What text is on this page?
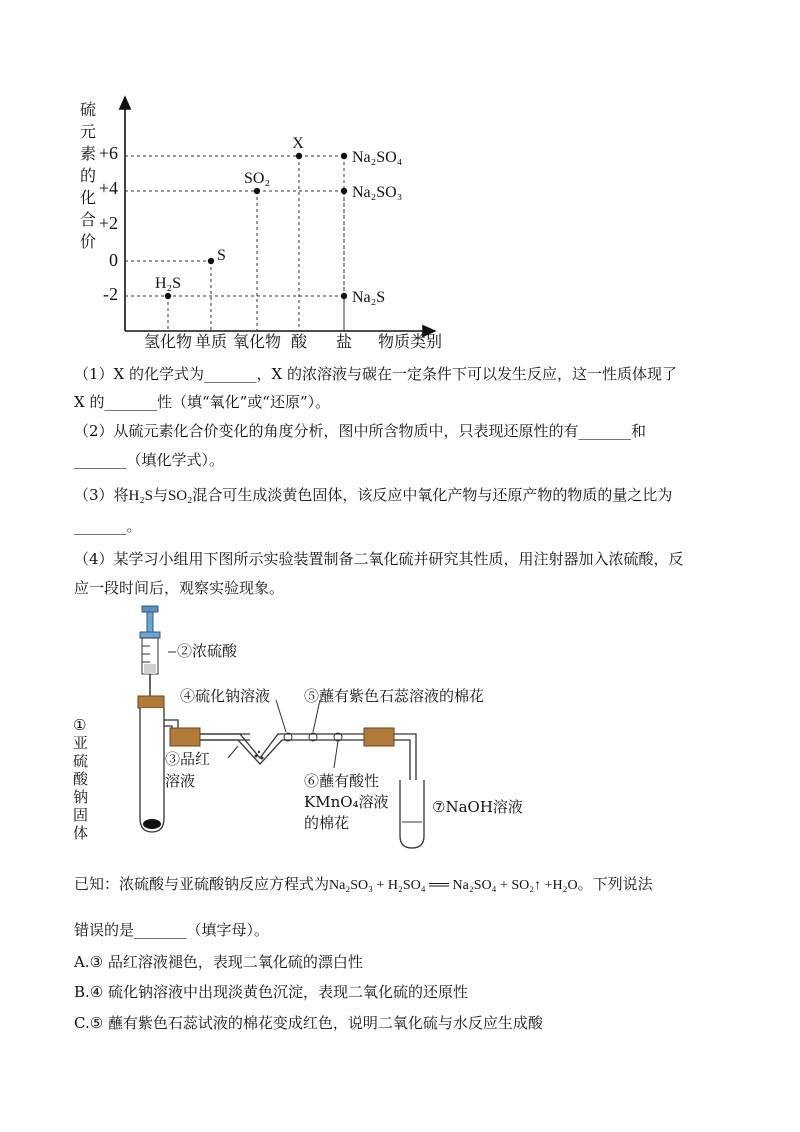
硫
元
素
的
化
合
价
+6
+4
+2
0
-2
氢化物 单质 氧化物 酸 盐 物质类别
H₂S
S
SO₂
X
Na₂SO₄
Na₂SO₃
Na₂S
（1）X 的化学式为_______，X 的浓溶液与碳在一定条件下可以发生反应，这一性质体现了
X 的_______性（填“氧化”或“还原”）。
（2）从硫元素化合价变化的角度分析，图中所含物质中，只表现还原性的有_______和
_______（填化学式）。
（3）将H₂S与SO₂混合可生成淡黄色固体，该反应中氧化产物与还原产物的物质的量之比为
_______。
（4）某学习小组用下图所示实验装置制备二氧化硫并研究其性质，用注射器加入浓硫酸，反
应一段时间后，观察实验现象。
①
亚
硫
酸
钠
固
体
②浓硫酸
④硫化钠溶液 ⑤蘸有紫色石蕊溶液的棉花
③品红
溶液	⑥蘸有酸性
KMnO₄溶液
的棉花
⑦NaOH溶液
已知：浓硫酸与亚硫酸钠反应方程式为Na₂SO₃ + H₂SO₄ ══ Na₂SO₄ + SO₂↑ +H₂O。下列说法
错误的是_______（填字母）。
A.③ 品红溶液褪色，表现二氧化硫的漂白性
B.④ 硫化钠溶液中出现淡黄色沉淀，表现二氧化硫的还原性
C.⑤ 蘸有紫色石蕊试液的棉花变成红色，说明二氧化硫与水反应生成酸
